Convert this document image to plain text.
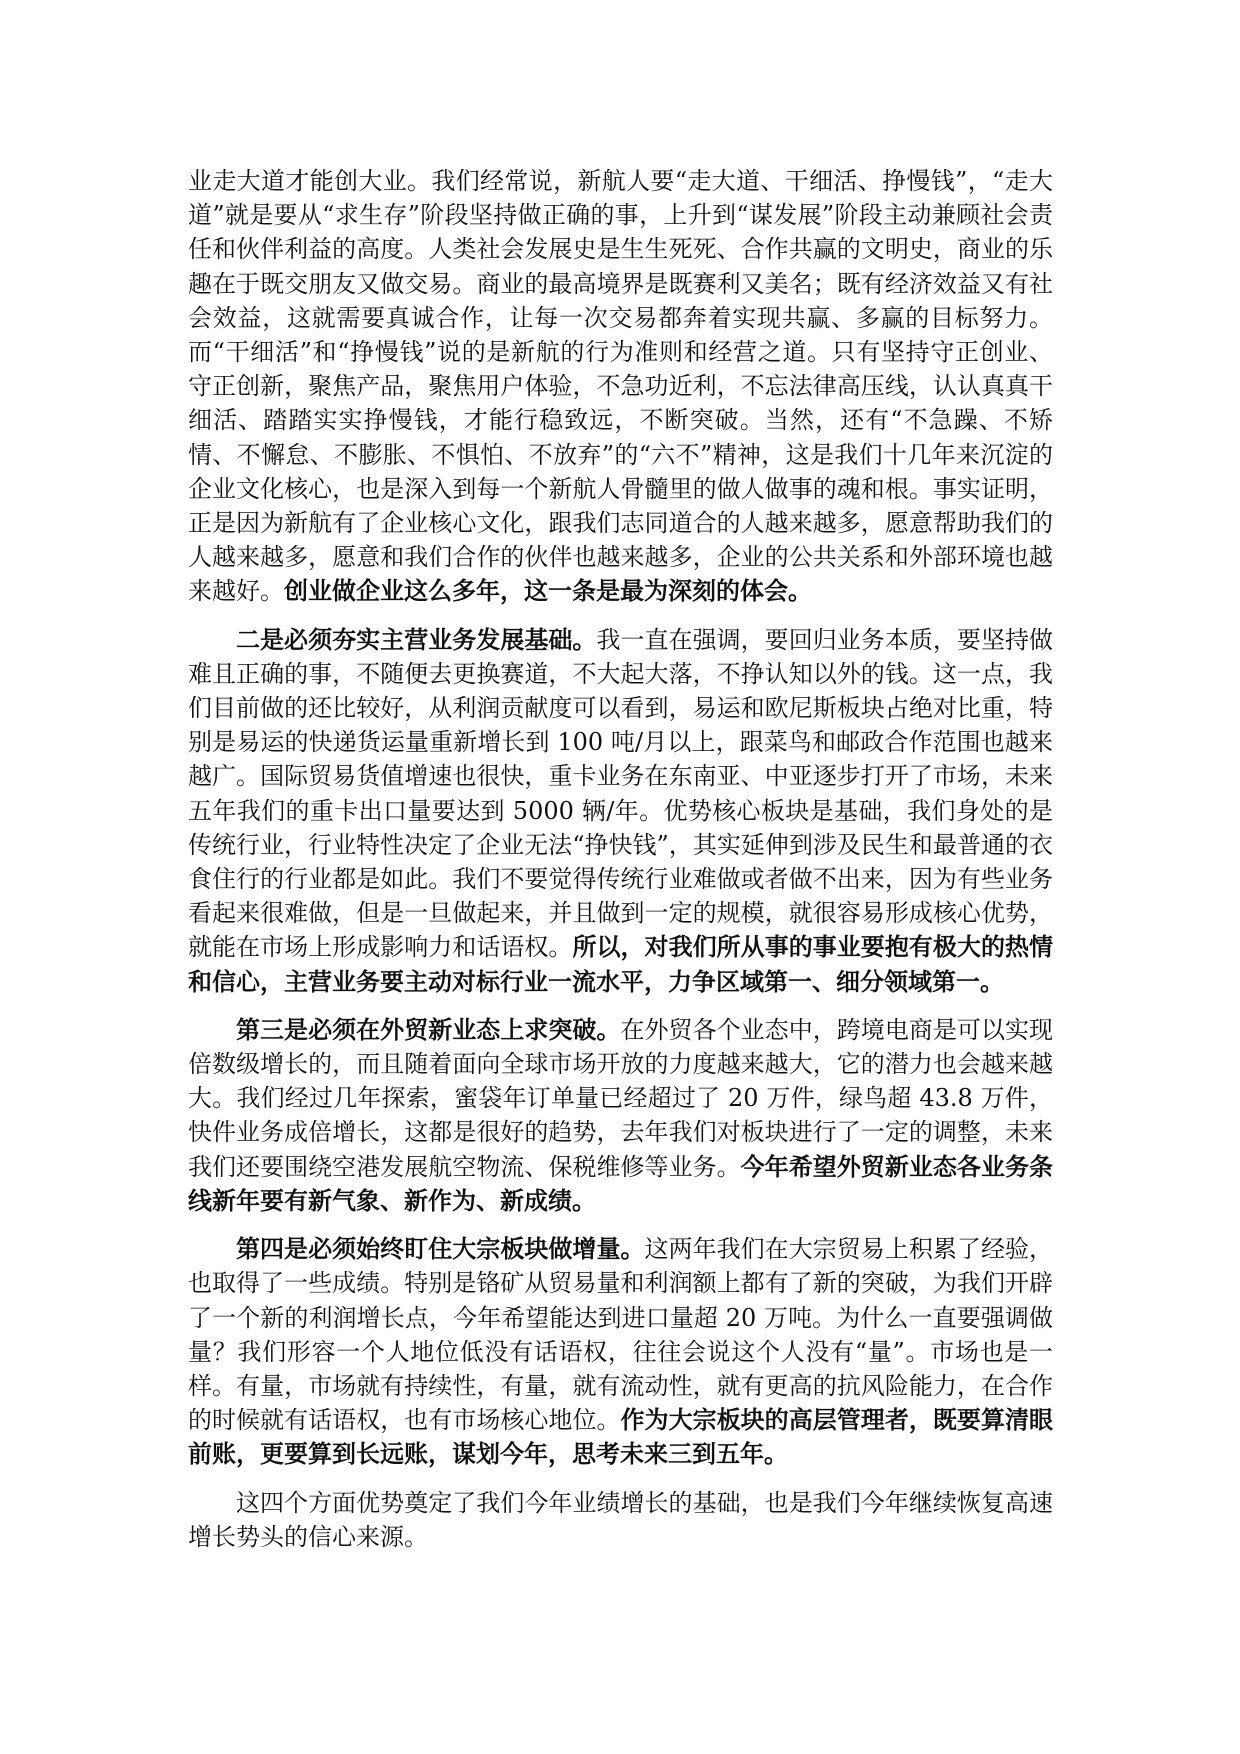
业走大道才能创大业。我们经常说，新航人要“走大道、干细活、挣慢钱”，“走大道”就是要从“求生存”阶段坚持做正确的事，上升到“谋发展”阶段主动兼顾社会责任和伙伴利益的高度。人类社会发展史是生生死死、合作共赢的文明史，商业的乐趣在于既交朋友又做交易。商业的最高境界是既赛利又美名；既有经济效益又有社会效益，这就需要真诚合作，让每一次交易都奔着实现共赢、多赢的目标努力。而“干细活”和“挣慢钱”说的是新航的行为准则和经营之道。只有坚持守正创业、守正创新，聚焦产品，聚焦用户体验，不急功近利，不忘法律高压线，认认真真干细活、踏踏实实挣慢钱，才能行稳致远，不断突破。当然，还有“不急躁、不矫情、不懈怠、不膨胀、不惧怕、不放弃”的“六不”精神，这是我们十几年来沉淀的企业文化核心，也是深入到每一个新航人骨髓里的做人做事的魂和根。事实证明，正是因为新航有了企业核心文化，跟我们志同道合的人越来越多，愿意帮助我们的人越来越多，愿意和我们合作的伙伴也越来越多，企业的公共关系和外部环境也越来越好。创业做企业这么多年，这一条是最为深刻的体会。

二是必须夯实主营业务发展基础。我一直在强调，要回归业务本质，要坚持做难且正确的事，不随便去更换赛道，不大起大落，不挣认知以外的钱。这一点，我们目前做的还比较好，从利润贡献度可以看到，易运和欧尼斯板块占绝对比重，特别是易运的快递货运量重新增长到 100 吨/月以上，跟菜鸟和邮政合作范围也越来越广。国际贸易货值增速也很快，重卡业务在东南亚、中亚逐步打开了市场，未来五年我们的重卡出口量要达到 5000 辆/年。优势核心板块是基础，我们身处的是传统行业，行业特性决定了企业无法“挣快钱”，其实延伸到涉及民生和最普通的衣食住行的行业都是如此。我们不要觉得传统行业难做或者做不出来，因为有些业务看起来很难做，但是一旦做起来，并且做到一定的规模，就很容易形成核心优势，就能在市场上形成影响力和话语权。所以，对我们所从事的事业要抱有极大的热情和信心，主营业务要主动对标行业一流水平，力争区域第一、细分领域第一。

第三是必须在外贸新业态上求突破。在外贸各个业态中，跨境电商是可以实现倍数级增长的，而且随着面向全球市场开放的力度越来越大，它的潜力也会越来越大。我们经过几年探索，蜜袋年订单量已经超过了 20 万件，绿鸟超 43.8 万件，快件业务成倍增长，这都是很好的趋势，去年我们对板块进行了一定的调整，未来我们还要围绕空港发展航空物流、保税维修等业务。今年希望外贸新业态各业务条线新年要有新气象、新作为、新成绩。

第四是必须始终盯住大宗板块做增量。这两年我们在大宗贸易上积累了经验，也取得了一些成绩。特别是铬矿从贸易量和利润额上都有了新的突破，为我们开辟了一个新的利润增长点，今年希望能达到进口量超 20 万吨。为什么一直要强调做量？我们形容一个人地位低没有话语权，往往会说这个人没有“量”。市场也是一样。有量，市场就有持续性，有量，就有流动性，就有更高的抗风险能力，在合作的时候就有话语权，也有市场核心地位。作为大宗板块的高层管理者，既要算清眼前账，更要算到长远账，谋划今年，思考未来三到五年。

这四个方面优势奠定了我们今年业绩增长的基础，也是我们今年继续恢复高速增长势头的信心来源。
